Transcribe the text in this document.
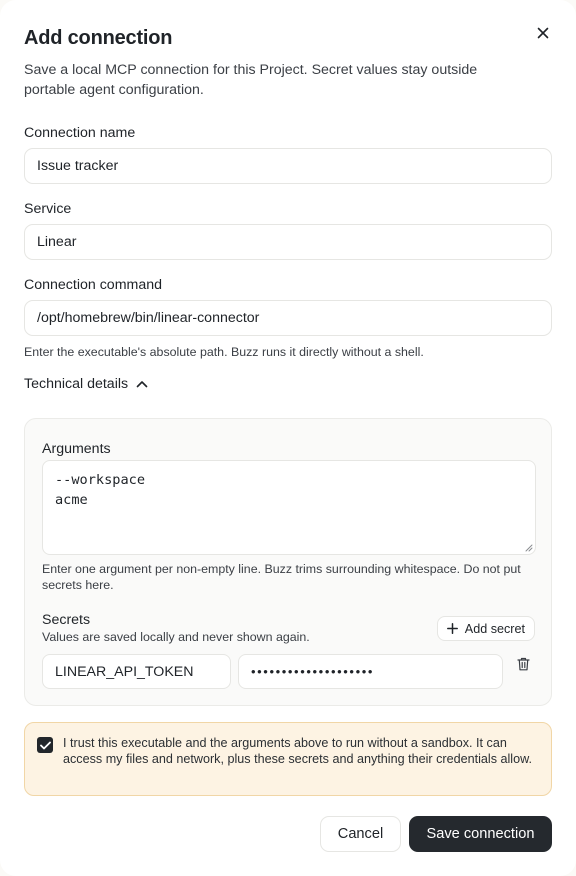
Add connection
Save a local MCP connection for this Project. Secret values stay outside portable agent configuration.
Connection name
Issue tracker
Service
Linear
Connection command
/opt/homebrew/bin/linear-connector
Enter the executable's absolute path. Buzz runs it directly without a shell.
Technical details
Arguments
--workspace
acme
Enter one argument per non-empty line. Buzz trims surrounding whitespace. Do not put secrets here.
Secrets
Values are saved locally and never shown again.
Add secret
LINEAR_API_TOKEN	••••••••••••••••••••
I trust this executable and the arguments above to run without a sandbox. It can access my files and network, plus these secrets and anything their credentials allow.
Cancel	Save connection
